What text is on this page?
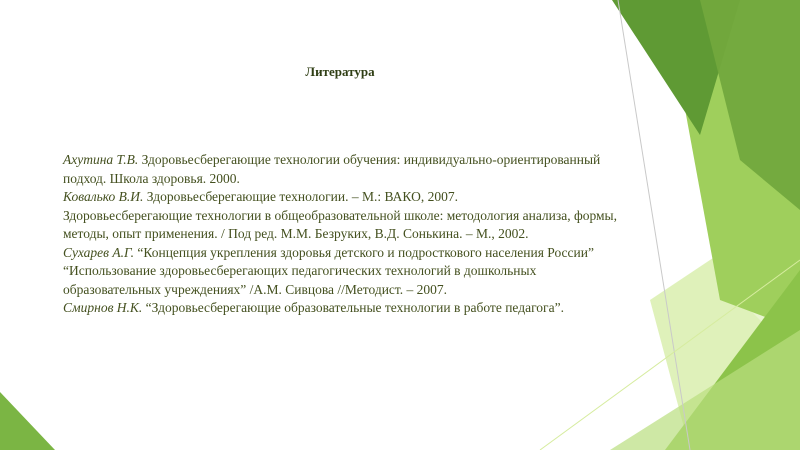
Литература

Ахутина Т.В. Здоровьесберегающие технологии обучения: индивидуально-ориентированный подход. Школа здоровья. 2000.

Ковалько В.И. Здоровьесберегающие технологии. – М.: ВАКО, 2007.

Здоровьесберегающие технологии в общеобразовательной школе: методология анализа, формы, методы, опыт применения. / Под ред. М.М. Безруких, В.Д. Сонькина. – М., 2002.

Сухарев А.Г. “Концепция укрепления здоровья детского и подросткового населения России”

“Использование здоровьесберегающих педагогических технологий в дошкольных образовательных учреждениях” /А.М. Сивцова //Методист. – 2007.

Смирнов Н.К. “Здоровьесберегающие образовательные технологии в работе педагога”.
